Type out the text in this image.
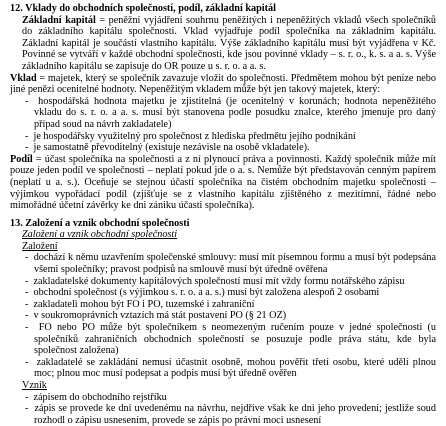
12. Vklady do obchodních společností, podíl, základní kapitál

Základní kapitál = peněžní vyjádření souhrnu peněžitých i nepeněžitých vkladů všech společníků do základního kapitálu společnosti. Vklad vyjadřuje podíl společníka na základním kapitálu. Základní kapitál je součástí vlastního kapitálu. Výše základního kapitálu musí být vyjádřena v Kč. Povinné se vytváří v každé obchodní společnosti, kde jsou povinné vklady – s. r. o., k. s. a a. s. Výše základního kapitálu se zapisuje do OR pouze u s. r. o. a a. s.

Vklad = majetek, který se společník zavazuje vložit do společnosti. Předmětem mohou být peníze nebo jiné penězi ocenitelné hodnoty. Nepeněžitým vkladem může být jen takový majetek, který:

-  hospodářská hodnota majetku je zjistitelná (je ocenitelný v korunách; hodnota nepeněžitého vkladu do s. r. o. a a. s. musí být stanovena podle posudku znalce, kterého jmenuje pro daný případ soud na návrh zakladatele)

-  je hospodářsky využitelný pro společnost z hlediska předmětu jejího podnikání

-  je samostatně převoditelný (existuje nezávisle na osobě vkladatele).

Podíl = účast společníka na společnosti a z ní plynoucí práva a povinnosti. Každý společník může mít pouze jeden podíl ve společnosti – neplatí pokud jde o a. s. Nemůže být představován cenným papírem (neplatí u a. s.). Oceňuje se stejnou účastí společníka na čistém obchodním majetku společnosti – výjimkou vypořádací podíl (zjišťuje se z vlastního kapitálu zjištěného z mezitímní, řádné nebo mimořádné účetní závěrky ke dni zániku účasti společníka).

13. Založení a vznik obchodní společnosti

Založení a vznik obchodní společnosti

Založení

-  dochází k němu uzavřením společenské smlouvy: musí mít písemnou formu a musí být podepsána všemi společníky; pravost podpisů na smlouvě musí být úředně ověřena

-  zakladatelské dokumenty kapitálových společností musí mít vždy formu notářského zápisu

-  obchodní společnost (s výjimkou s. r. o. a a. s.) musí být založena alespoň 2 osobami

-  zakladateli mohou být FO i PO, tuzemské i zahraniční

-  v soukromoprávních vztazích má stát postavení PO (§ 21 OZ)

-  FO nebo PO může být společníkem s neomezeným ručením pouze v jedné společnosti (u společníků zahraničních obchodních společností se posuzuje podle práva státu, kde byla společnost založena)

-  zakladatelé se zakládání nemusí účastnit osobně, mohou pověřit třetí osobu, které udělí plnou moc; plnou moc musí podepsat a podpis musí být úředně ověřen

Vznik

-  zápisem do obchodního rejstříku

-  zápis se provede ke dni uvedenému na návrhu, nejdříve však ke dni jeho provedení; jestliže soud rozhodl o zápisu usnesením, provede se zápis po právní moci usnesení
